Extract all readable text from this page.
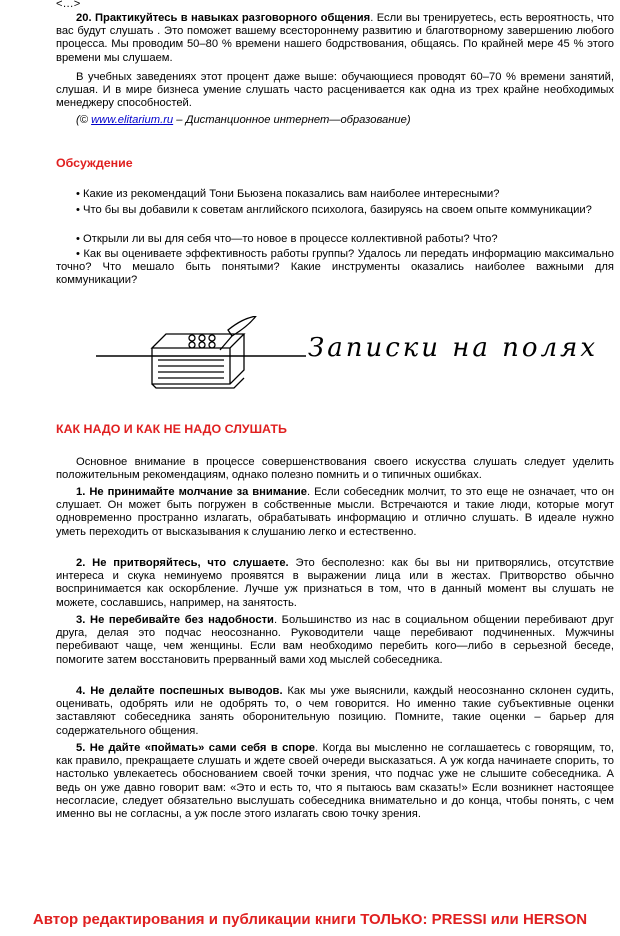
<…>

20. Практикуйтесь в навыках разговорного общения. Если вы тренируетесь, есть вероятность, что вас будут слушать . Это поможет вашему всестороннему развитию и благотворному завершению любого процесса. Мы проводим 50–80 % времени нашего бодрствования, общаясь. По крайней мере 45 % этого времени мы слушаем.

В учебных заведениях этот процент даже выше: обучающиеся проводят 60–70 % времени занятий, слушая. И в мире бизнеса умение слушать часто расценивается как одна из трех крайне необходимых менеджеру способностей.

(© www.elitarium.ru – Дистанционное интернет—образование)

Обсуждение

• Какие из рекомендаций Тони Бьюзена показались вам наиболее интересными?

• Что бы вы добавили к советам английского психолога, базируясь на своем опыте коммуникации?

• Открыли ли вы для себя что—то новое в процессе коллективной работы? Что?

• Как вы оцениваете эффективность работы группы? Удалось ли передать информацию максимально точно? Что мешало быть понятыми? Какие инструменты оказались наиболее важными для коммуникации?

Записки на полях
КАК НАДО И КАК НЕ НАДО СЛУШАТЬ

Основное внимание в процессе совершенствования своего искусства слушать следует уделить положительным рекомендациям, однако полезно помнить и о типичных ошибках.

1. Не принимайте молчание за внимание. Если собеседник молчит, то это еще не означает, что он слушает. Он может быть погружен в собственные мысли. Встречаются и такие люди, которые могут одновременно пространно излагать, обрабатывать информацию и отлично слушать. В идеале нужно уметь переходить от высказывания к слушанию легко и естественно.

2. Не притворяйтесь, что слушаете. Это бесполезно: как бы вы ни притворялись, отсутствие интереса и скука неминуемо проявятся в выражении лица или в жестах. Притворство обычно воспринимается как оскорбление. Лучше уж признаться в том, что в данный момент вы слушать не можете, сославшись, например, на занятость.

3. Не перебивайте без надобности. Большинство из нас в социальном общении перебивают друг друга, делая это подчас неосознанно. Руководители чаще перебивают подчиненных. Мужчины перебивают чаще, чем женщины. Если вам необходимо перебить кого—либо в серьезной беседе, помогите затем восстановить прерванный вами ход мыслей собеседника.

4. Не делайте поспешных выводов. Как мы уже выяснили, каждый неосознанно склонен судить, оценивать, одобрять или не одобрять то, о чем говорится. Но именно такие субъективные оценки заставляют собеседника занять оборонительную позицию. Помните, такие оценки – барьер для содержательного общения.

5. Не дайте «поймать» сами себя в споре. Когда вы мысленно не соглашаетесь с говорящим, то, как правило, прекращаете слушать и ждете своей очереди высказаться. А уж когда начинаете спорить, то настолько увлекаетесь обоснованием своей точки зрения, что подчас уже не слышите собеседника. А ведь он уже давно говорит вам: «Это и есть то, что я пытаюсь вам сказать!» Если возникнет настоящее несогласие, следует обязательно выслушать собеседника внимательно и до конца, чтобы понять, с чем именно вы не согласны, а уж после этого излагать свою точку зрения.

Автор редактирования и публикации книги ТОЛЬКО: PRESSI или HERSON
